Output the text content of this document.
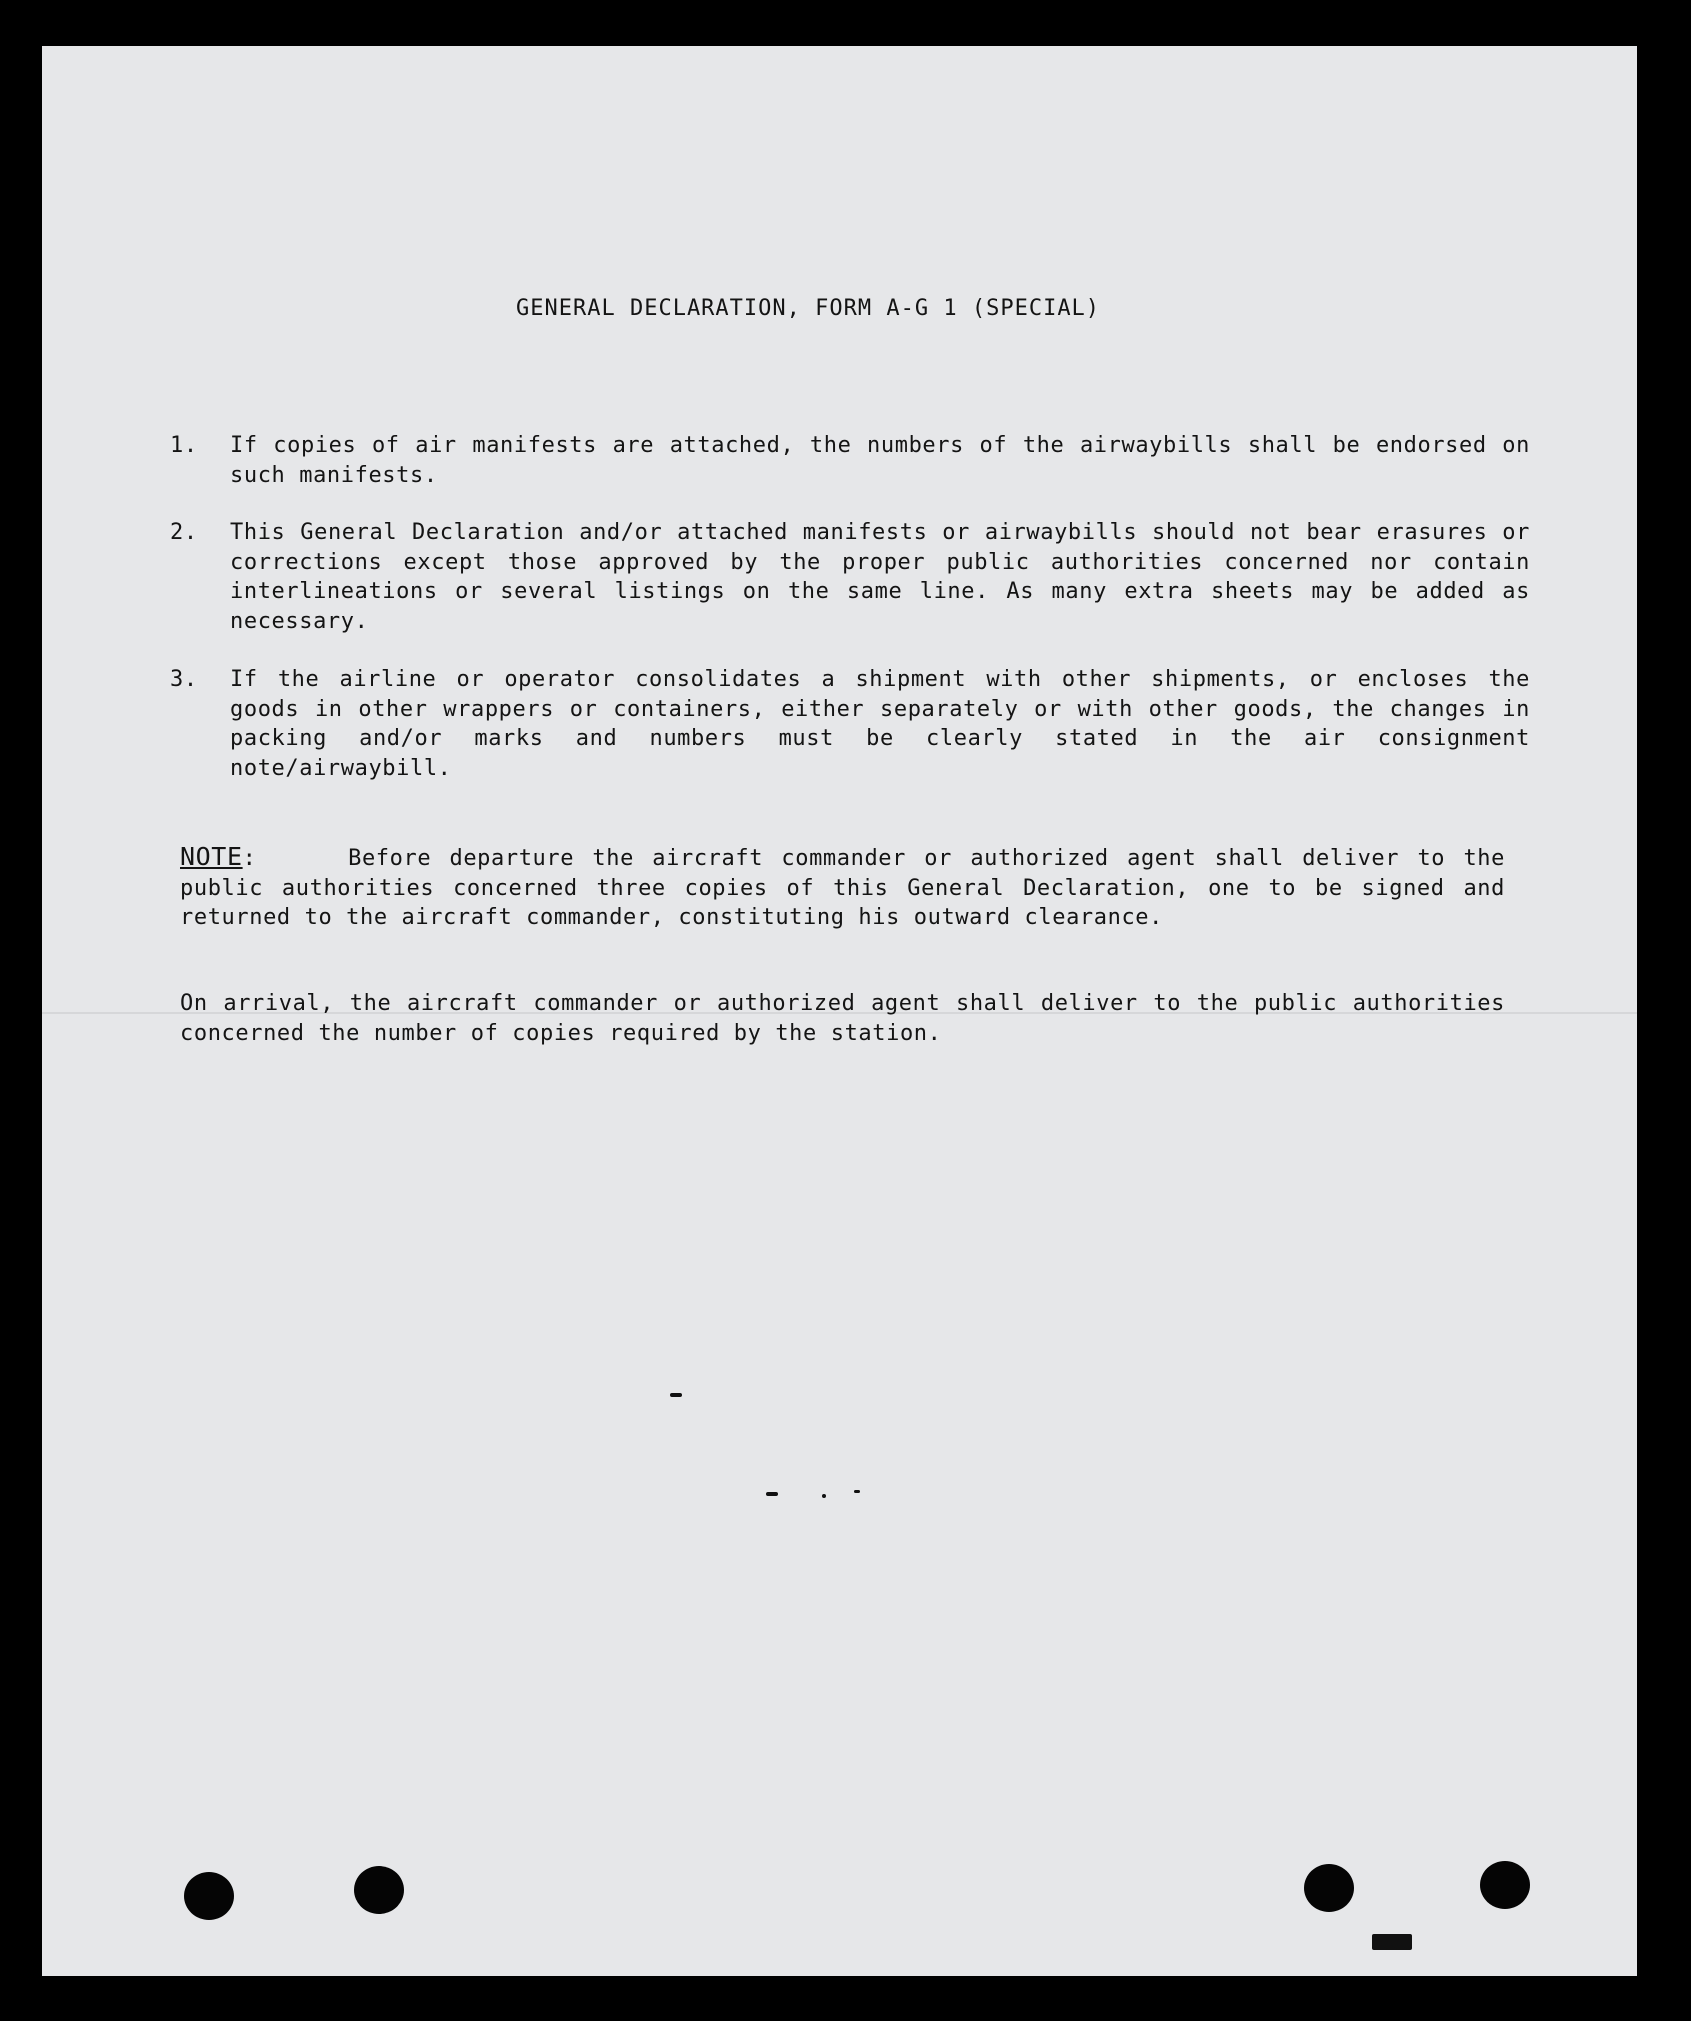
GENERAL DECLARATION, FORM A-G 1 (SPECIAL)
1.	If copies of air manifests are attached, the numbers of the airwaybills shall be endorsed on such manifests.
2.	This General Declaration and/or attached manifests or airwaybills should not bear erasures or corrections except those approved by the proper public authorities concerned nor contain interlineations or several listings on the same line. As many extra sheets may be added as necessary.
3.	If the airline or operator consolidates a shipment with other shipments, or encloses the goods in other wrappers or containers, either separately or with other goods, the changes in packing and/or marks and numbers must be clearly stated in the air consignment note/airwaybill.
NOTE:     Before departure the aircraft commander or authorized agent shall deliver to the public authorities concerned three copies of this General Declaration, one to be signed and returned to the aircraft commander, constituting his outward clearance.
On arrival, the aircraft commander or authorized agent shall deliver to the public authorities concerned the number of copies required by the station.
